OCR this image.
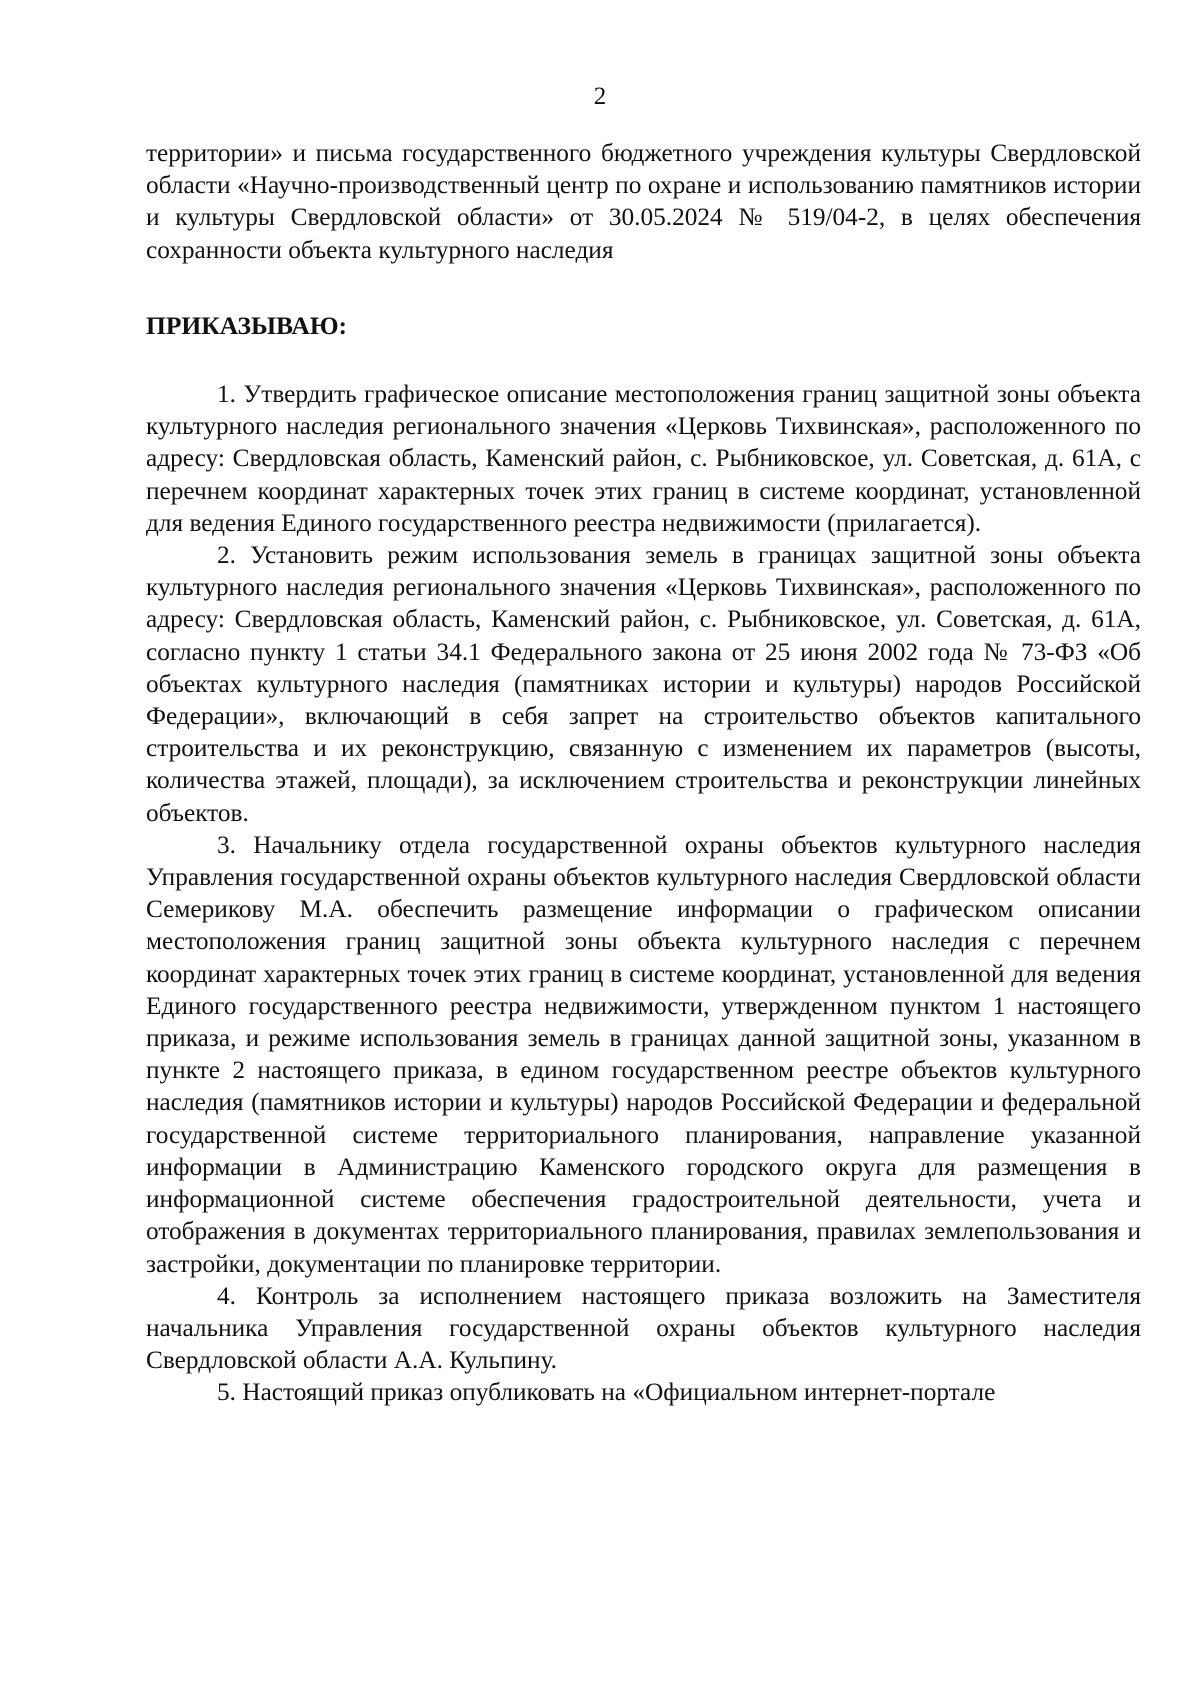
2

территории» и письма государственного бюджетного учреждения культуры Свердловской области «Научно-производственный центр по охране и использованию памятников истории и культуры Свердловской области» от 30.05.2024 № 519/04-2, в целях обеспечения сохранности объекта культурного наследия

ПРИКАЗЫВАЮ:

1. Утвердить графическое описание местоположения границ защитной зоны объекта культурного наследия регионального значения «Церковь Тихвинская», расположенного по адресу: Свердловская область, Каменский район, с. Рыбниковское, ул. Советская, д. 61А, с перечнем координат характерных точек этих границ в системе координат, установленной для ведения Единого государственного реестра недвижимости (прилагается).

2. Установить режим использования земель в границах защитной зоны объекта культурного наследия регионального значения «Церковь Тихвинская», расположенного по адресу: Свердловская область, Каменский район, с. Рыбниковское, ул. Советская, д. 61А, согласно пункту 1 статьи 34.1 Федерального закона от 25 июня 2002 года № 73-ФЗ «Об объектах культурного наследия (памятниках истории и культуры) народов Российской Федерации», включающий в себя запрет на строительство объектов капитального строительства и их реконструкцию, связанную с изменением их параметров (высоты, количества этажей, площади), за исключением строительства и реконструкции линейных объектов.

3. Начальнику отдела государственной охраны объектов культурного наследия Управления государственной охраны объектов культурного наследия Свердловской области Семерикову М.А. обеспечить размещение информации о графическом описании местоположения границ защитной зоны объекта культурного наследия с перечнем координат характерных точек этих границ в системе координат, установленной для ведения Единого государственного реестра недвижимости, утвержденном пунктом 1 настоящего приказа, и режиме использования земель в границах данной защитной зоны, указанном в пункте 2 настоящего приказа, в едином государственном реестре объектов культурного наследия (памятников истории и культуры) народов Российской Федерации и федеральной государственной системе территориального планирования, направление указанной информации в Администрацию Каменского городского округа для размещения в информационной системе обеспечения градостроительной деятельности, учета и отображения в документах территориального планирования, правилах землепользования и застройки, документации по планировке территории.

4. Контроль за исполнением настоящего приказа возложить на Заместителя начальника Управления государственной охраны объектов культурного наследия Свердловской области А.А. Кульпину.

5. Настоящий приказ опубликовать на «Официальном интернет-портале
